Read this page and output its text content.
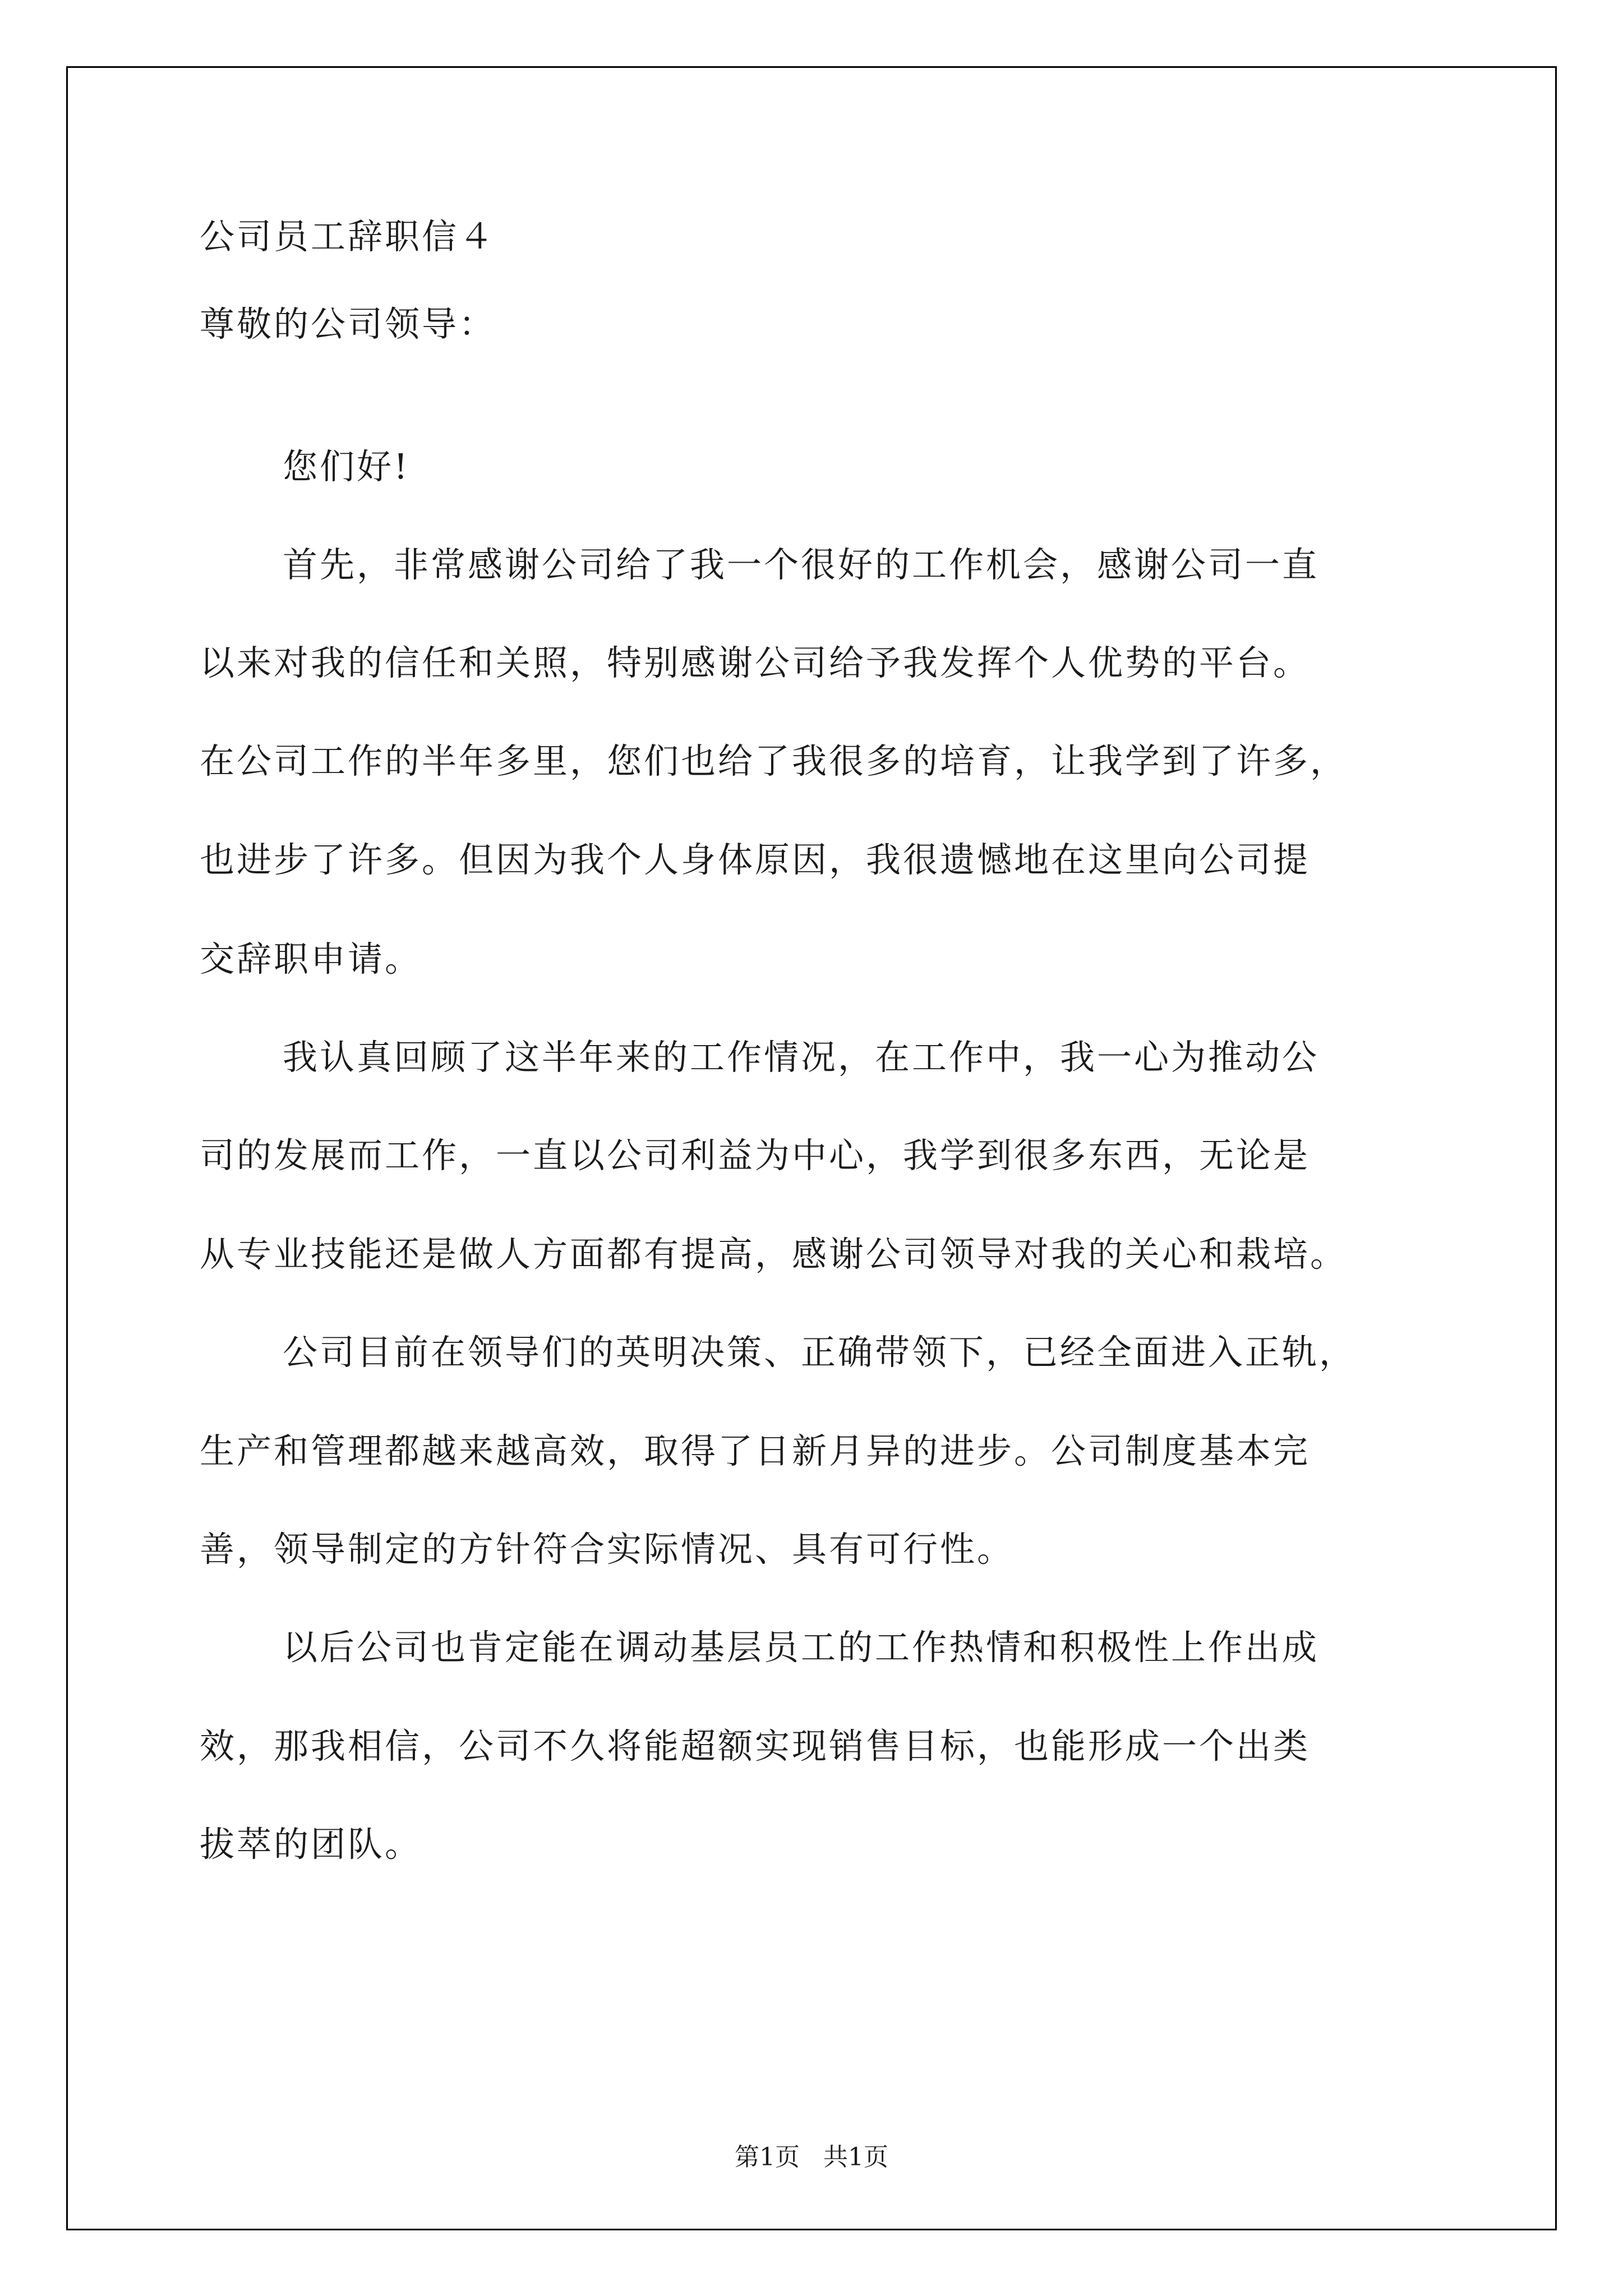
公司员工辞职信４
尊敬的公司领导：
您们好!
首先，非常感谢公司给了我一个很好的工作机会，感谢公司一直
以来对我的信任和关照，特别感谢公司给予我发挥个人优势的平台。
在公司工作的半年多里，您们也给了我很多的培育，让我学到了许多，
也进步了许多。但因为我个人身体原因，我很遗憾地在这里向公司提
交辞职申请。
我认真回顾了这半年来的工作情况，在工作中，我一心为推动公
司的发展而工作，一直以公司利益为中心，我学到很多东西，无论是
从专业技能还是做人方面都有提高，感谢公司领导对我的关心和栽培。
公司目前在领导们的英明决策、正确带领下，已经全面进入正轨，
生产和管理都越来越高效，取得了日新月异的进步。公司制度基本完
善，领导制定的方针符合实际情况、具有可行性。
以后公司也肯定能在调动基层员工的工作热情和积极性上作出成
效，那我相信，公司不久将能超额实现销售目标，也能形成一个出类
拔萃的团队。
第1页   共1页
